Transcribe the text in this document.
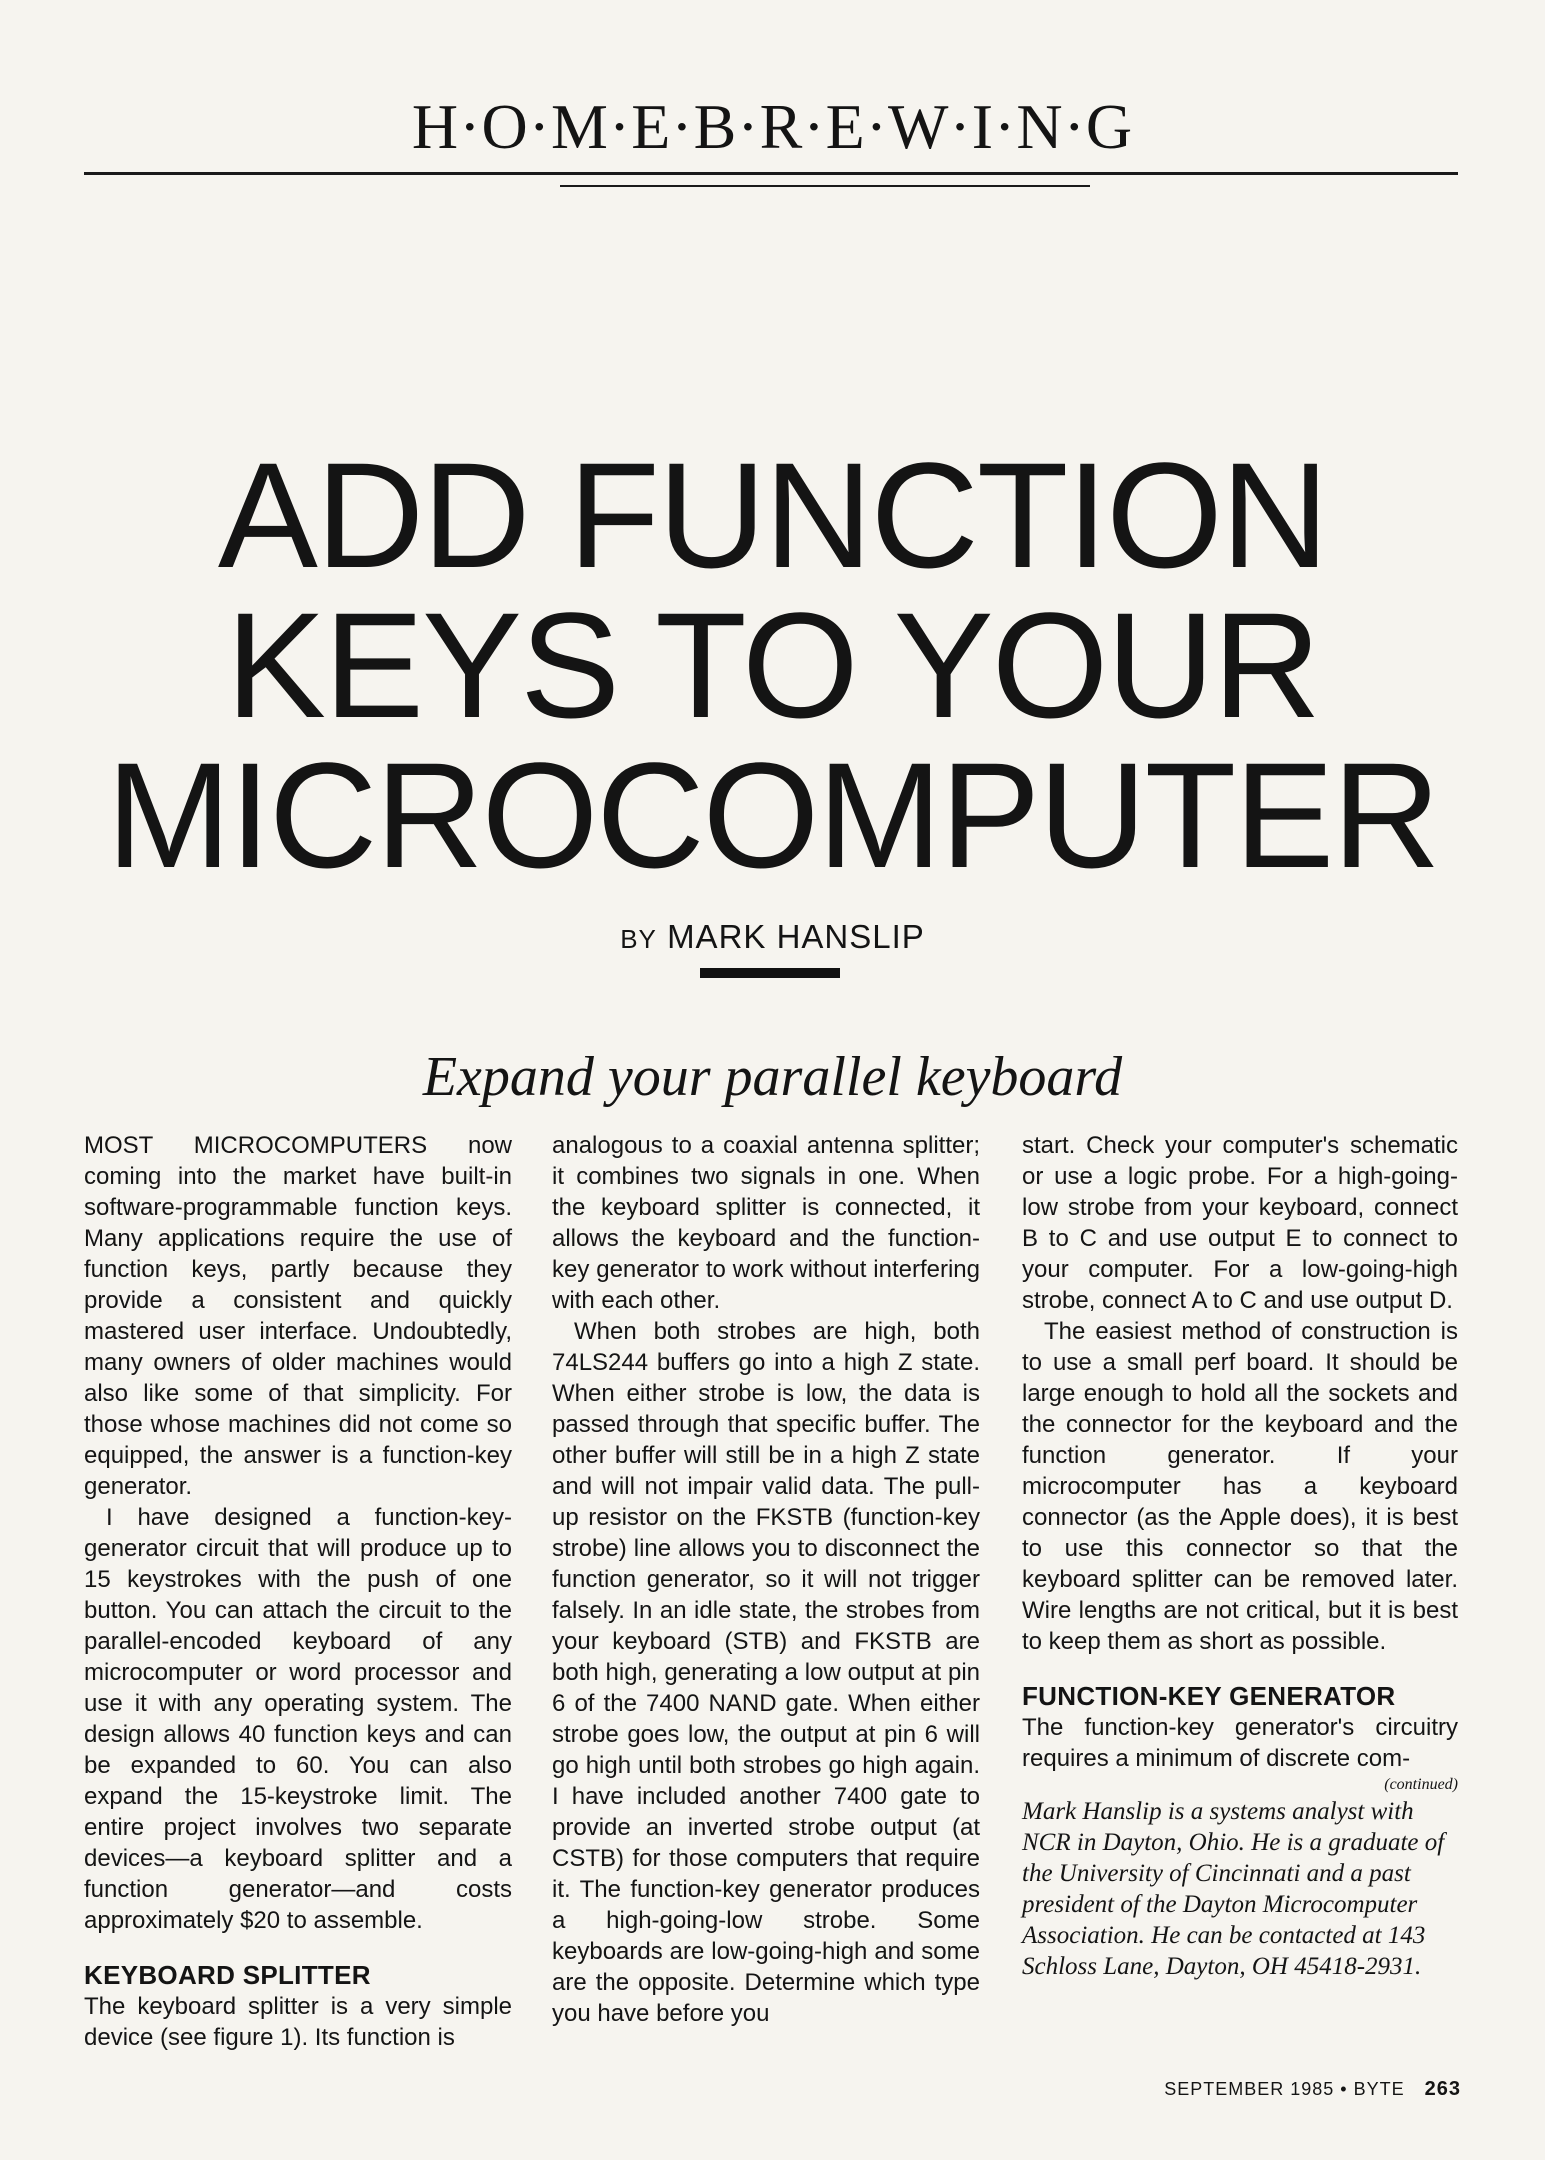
H·O·M·E·B·R·E·W·I·N·G
ADD FUNCTION
KEYS TO YOUR
MICROCOMPUTER
BY MARK HANSLIP
Expand your parallel keyboard

MOST MICROCOMPUTERS now coming into the market have built-in software-programmable function keys. Many applications require the use of function keys, partly because they provide a consistent and quickly mastered user interface. Undoubtedly, many owners of older machines would also like some of that simplicity. For those whose machines did not come so equipped, the answer is a function-key generator.

I have designed a function-key-generator circuit that will produce up to 15 keystrokes with the push of one button. You can attach the circuit to the parallel-encoded keyboard of any microcomputer or word processor and use it with any operating system. The design allows 40 function keys and can be expanded to 60. You can also expand the 15-keystroke limit. The entire project involves two separate devices—a keyboard splitter and a function generator—and costs approximately $20 to assemble.

KEYBOARD SPLITTER

The keyboard splitter is a very simple device (see figure 1). Its function is

analogous to a coaxial antenna splitter; it combines two signals in one. When the keyboard splitter is connected, it allows the keyboard and the function-key generator to work without interfering with each other.

When both strobes are high, both 74LS244 buffers go into a high Z state. When either strobe is low, the data is passed through that specific buffer. The other buffer will still be in a high Z state and will not impair valid data. The pull-up resistor on the FKSTB (function-key strobe) line allows you to disconnect the function generator, so it will not trigger falsely. In an idle state, the strobes from your keyboard (STB) and FKSTB are both high, generating a low output at pin 6 of the 7400 NAND gate. When either strobe goes low, the output at pin 6 will go high until both strobes go high again. I have included another 7400 gate to provide an inverted strobe output (at CSTB) for those computers that require it. The function-key generator produces a high-going-low strobe. Some keyboards are low-going-high and some are the opposite. Determine which type you have before you

start. Check your computer's schematic or use a logic probe. For a high-going-low strobe from your keyboard, connect B to C and use output E to connect to your computer. For a low-going-high strobe, connect A to C and use output D.

The easiest method of construction is to use a small perf board. It should be large enough to hold all the sockets and the connector for the keyboard and the function generator. If your microcomputer has a keyboard connector (as the Apple does), it is best to use this connector so that the keyboard splitter can be removed later. Wire lengths are not critical, but it is best to keep them as short as possible.

FUNCTION-KEY GENERATOR

The function-key generator's circuitry requires a minimum of discrete com-

(continued)
Mark Hanslip is a systems analyst with NCR in Dayton, Ohio. He is a graduate of the University of Cincinnati and a past president of the Dayton Microcomputer Association. He can be contacted at 143 Schloss Lane, Dayton, OH 45418-2931.
SEPTEMBER 1985 • BYTE 263
